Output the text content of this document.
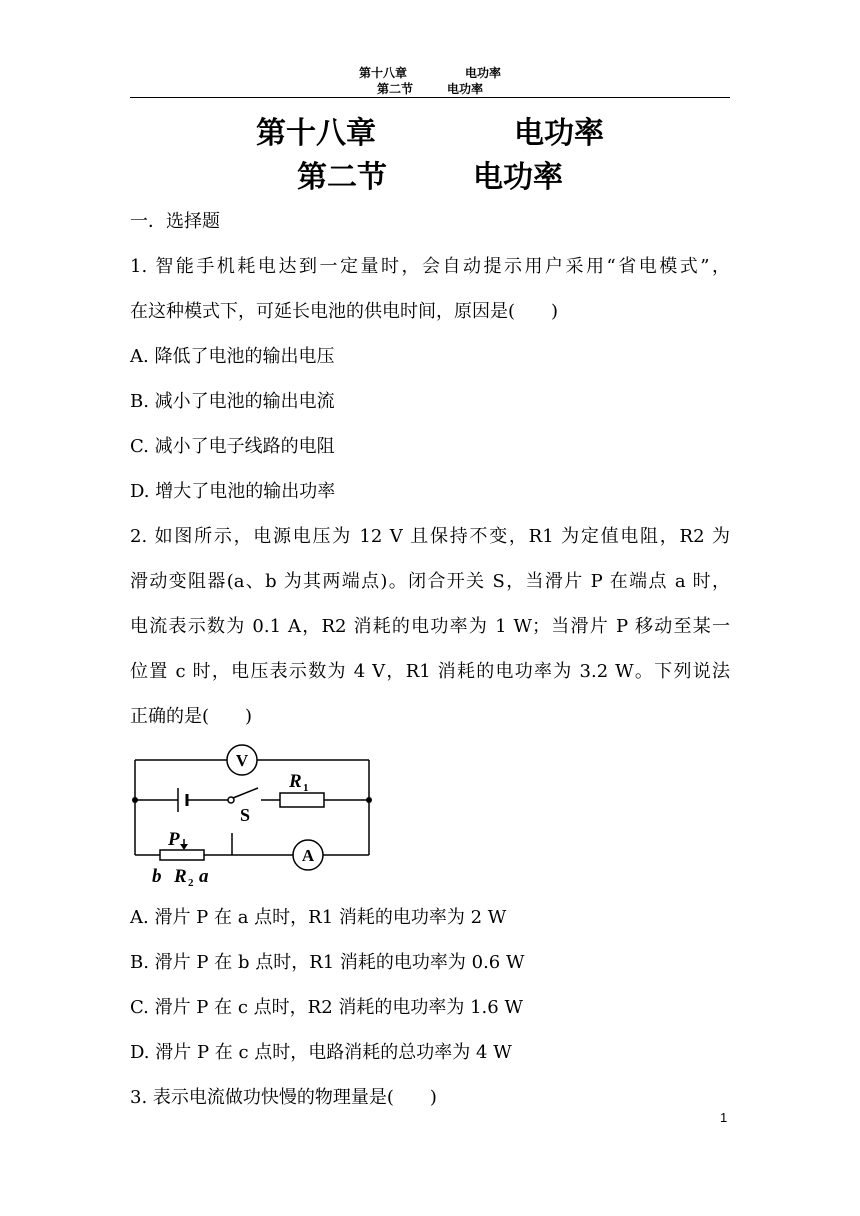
第十八章	电功率
第二节	电功率
第十八章	电功率
第二节	电功率
一．选择题
1. 智能手机耗电达到一定量时，会自动提示用户采用“省电模式”，
在这种模式下，可延长电池的供电时间，原因是(　　)
A. 降低了电池的输出电压
B. 减小了电池的输出电流
C. 减小了电子线路的电阻
D. 增大了电池的输出功率
2. 如图所示，电源电压为 12 V 且保持不变，R1 为定值电阻，R2 为
滑动变阻器(a、b 为其两端点)。闭合开关 S，当滑片 P 在端点 a 时，
电流表示数为 0.1 A，R2 消耗的电功率为 1 W；当滑片 P 移动至某一
位置 c 时，电压表示数为 4 V，R1 消耗的电功率为 3.2 W。下列说法
正确的是(　　)
V
A
R 1
S
P
b R 2 a
A. 滑片 P 在 a 点时，R1 消耗的电功率为 2 W
B. 滑片 P 在 b 点时，R1 消耗的电功率为 0.6 W
C. 滑片 P 在 c 点时，R2 消耗的电功率为 1.6 W
D. 滑片 P 在 c 点时，电路消耗的总功率为 4 W
3. 表示电流做功快慢的物理量是(　　)
1
